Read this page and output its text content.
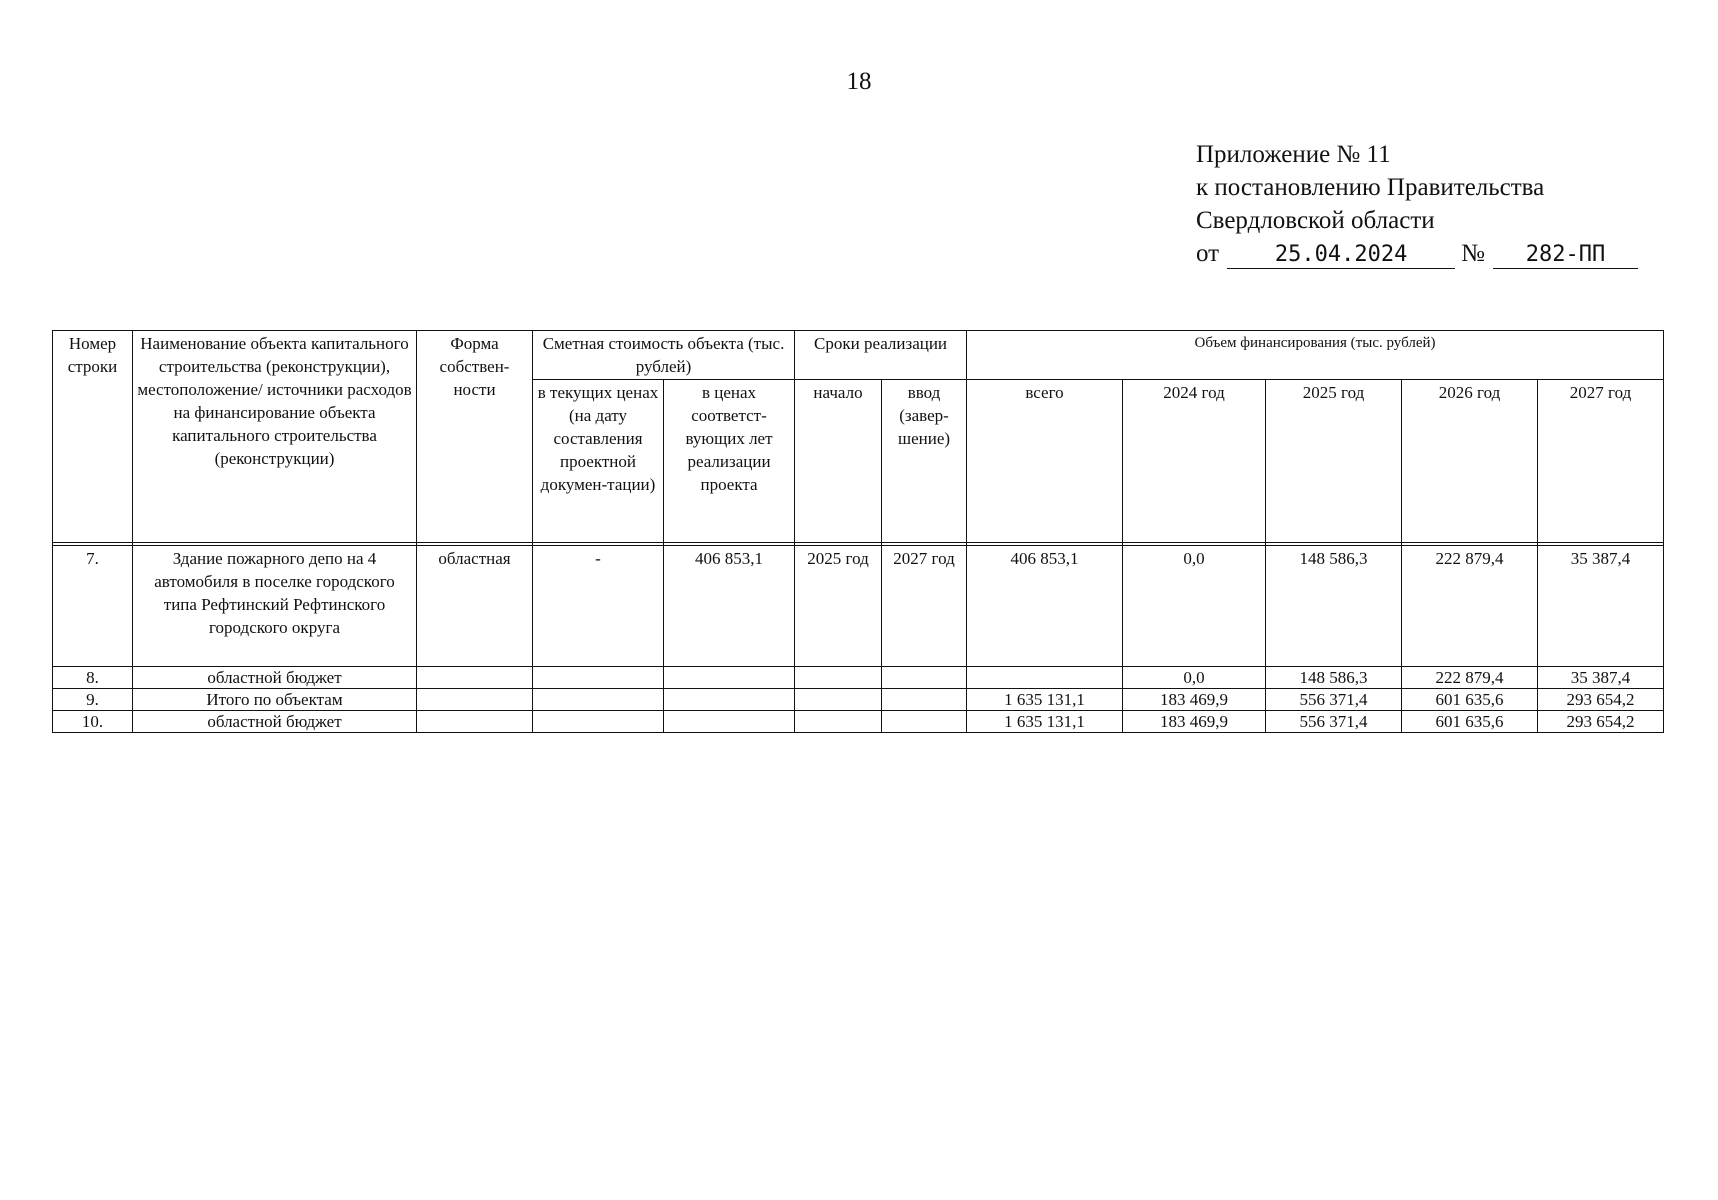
18
Приложение № 11
к постановлению Правительства
Свердловской области
от	25.04.2024 № 282-ПП
Номер строки	Наименование объекта капитального строительства (реконструкции), местоположение/ источники расходов на финансирование объекта капитального строительства (реконструкции)	Форма собствен-ности	Сметная стоимость объекта (тыс. рублей)		Сроки реализации		Объем финансирования (тыс. рублей)				
			в текущих ценах (на дату составления проектной докумен-тации)	в ценах соответст-вующих лет реализации проекта	начало	ввод (завер-шение)	всего	2024 год	2025 год	2026 год	2027 год

7.	Здание пожарного депо на 4 автомобиля в поселке городского типа Рефтинский Рефтинского городского округа	областная	-	406 853,1	2025 год	2027 год	406 853,1	0,0	148 586,3	222 879,4	35 387,4
8.	областной бюджет							0,0	148 586,3	222 879,4	35 387,4
9.	Итого по объектам						1 635 131,1	183 469,9	556 371,4	601 635,6	293 654,2
10.	областной бюджет						1 635 131,1	183 469,9	556 371,4	601 635,6	293 654,2
